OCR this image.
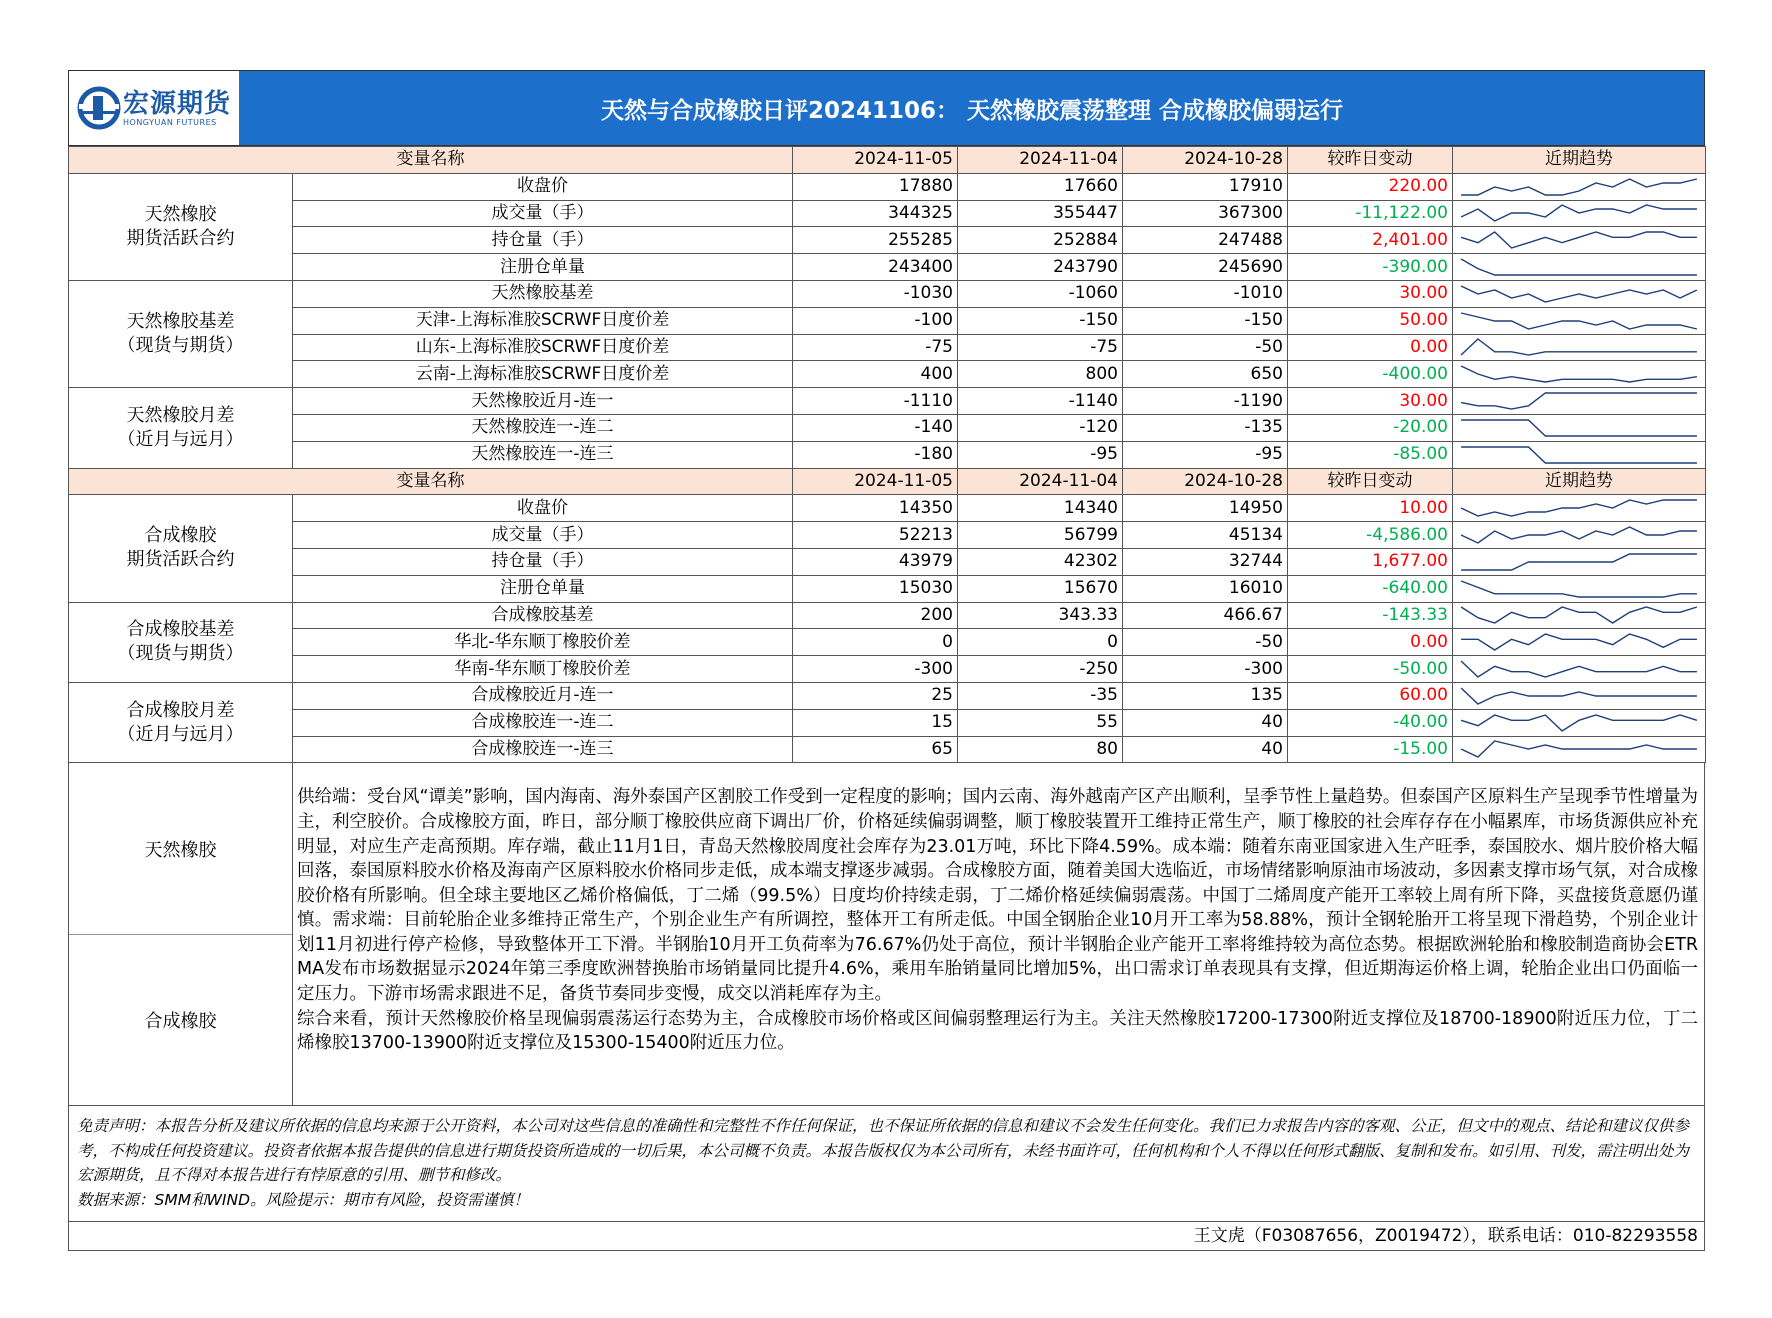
宏源期货
HONGYUAN FUTURES	天然与合成橡胶日评20241106： 天然橡胶震荡整理 合成橡胶偏弱运行
变量名称		2024-11-05	2024-11-04	2024-10-28	较昨日变动	近期趋势
天然橡胶
期货活跃合约	收盘价	17880	17660	17910	220.00	

	成交量（手）	344325	355447	367300	-11,122.00	

	持仓量（手）	255285	252884	247488	2,401.00	

	注册仓单量	243400	243790	245690	-390.00	

天然橡胶基差
（现货与期货）	天然橡胶基差	-1030	-1060	-1010	30.00	

	天津-上海标准胶SCRWF日度价差	-100	-150	-150	50.00	

	山东-上海标准胶SCRWF日度价差	-75	-75	-50	0.00	

	云南-上海标准胶SCRWF日度价差	400	800	650	-400.00	

天然橡胶月差
（近月与远月）	天然橡胶近月-连一	-1110	-1140	-1190	30.00	

	天然橡胶连一-连二	-140	-120	-135	-20.00	

	天然橡胶连一-连三	-180	-95	-95	-85.00	

变量名称		2024-11-05	2024-11-04	2024-10-28	较昨日变动	近期趋势
合成橡胶
期货活跃合约	收盘价	14350	14340	14950	10.00	

	成交量（手）	52213	56799	45134	-4,586.00	

	持仓量（手）	43979	42302	32744	1,677.00	

	注册仓单量	15030	15670	16010	-640.00	

合成橡胶基差
（现货与期货）	合成橡胶基差	200	343.33	466.67	-143.33	

	华北-华东顺丁橡胶价差	0	0	-50	0.00	

	华南-华东顺丁橡胶价差	-300	-250	-300	-50.00	

合成橡胶月差
（近月与远月）	合成橡胶近月-连一	25	-35	135	60.00	

	合成橡胶连一-连二	15	55	40	-40.00	

	合成橡胶连一-连三	65	80	40	-15.00	
天然橡胶
合成橡胶
供给端：受台风“谭美”影响，国内海南、海外泰国产区割胶工作受到一定程度的影响；国内云南、海外越南产区产出顺利，呈季节性上量趋势。但泰国产区原料生产呈现季节性增量为主，利空胶价。合成橡胶方面，昨日，部分顺丁橡胶供应商下调出厂价，价格延续偏弱调整，顺丁橡胶装置开工维持正常生产，顺丁橡胶的社会库存存在小幅累库，市场货源供应补充明显，对应生产走高预期。库存端，截止11月1日，青岛天然橡胶周度社会库存为23.01万吨，环比下降4.59%。成本端：随着东南亚国家进入生产旺季，泰国胶水、烟片胶价格大幅回落，泰国原料胶水价格及海南产区原料胶水价格同步走低，成本端支撑逐步减弱。合成橡胶方面，随着美国大选临近，市场情绪影响原油市场波动，多因素支撑市场气氛，对合成橡胶价格有所影响。但全球主要地区乙烯价格偏低，丁二烯（99.5%）日度均价持续走弱，丁二烯价格延续偏弱震荡。中国丁二烯周度产能开工率较上周有所下降，买盘接货意愿仍谨慎。需求端：目前轮胎企业多维持正常生产，个别企业生产有所调控，整体开工有所走低。中国全钢胎企业10月开工率为58.88%，预计全钢轮胎开工将呈现下滑趋势，个别企业计划11月初进行停产检修，导致整体开工下滑。半钢胎10月开工负荷率为76.67%仍处于高位，预计半钢胎企业产能开工率将维持较为高位态势。根据欧洲轮胎和橡胶制造商协会ETRMA发布市场数据显示2024年第三季度欧洲替换胎市场销量同比提升4.6%，乘用车胎销量同比增加5%，出口需求订单表现具有支撑，但近期海运价格上调，轮胎企业出口仍面临一定压力。下游市场需求跟进不足，备货节奏同步变慢，成交以消耗库存为主。
综合来看，预计天然橡胶价格呈现偏弱震荡运行态势为主，合成橡胶市场价格或区间偏弱整理运行为主。关注天然橡胶17200-17300附近支撑位及18700-18900附近压力位，丁二烯橡胶13700-13900附近支撑位及15300-15400附近压力位。
免责声明：本报告分析及建议所依据的信息均来源于公开资料，本公司对这些信息的准确性和完整性不作任何保证，也不保证所依据的信息和建议不会发生任何变化。我们已力求报告内容的客观、公正，但文中的观点、结论和建议仅供参考，不构成任何投资建议。投资者依据本报告提供的信息进行期货投资所造成的一切后果，本公司概不负责。本报告版权仅为本公司所有，未经书面许可，任何机构和个人不得以任何形式翻版、复制和发布。如引用、刊发，需注明出处为宏源期货，且不得对本报告进行有悖原意的引用、删节和修改。
数据来源：SMM和WIND。风险提示：期市有风险，投资需谨慎！
王文虎（F03087656，Z0019472），联系电话：010-82293558
